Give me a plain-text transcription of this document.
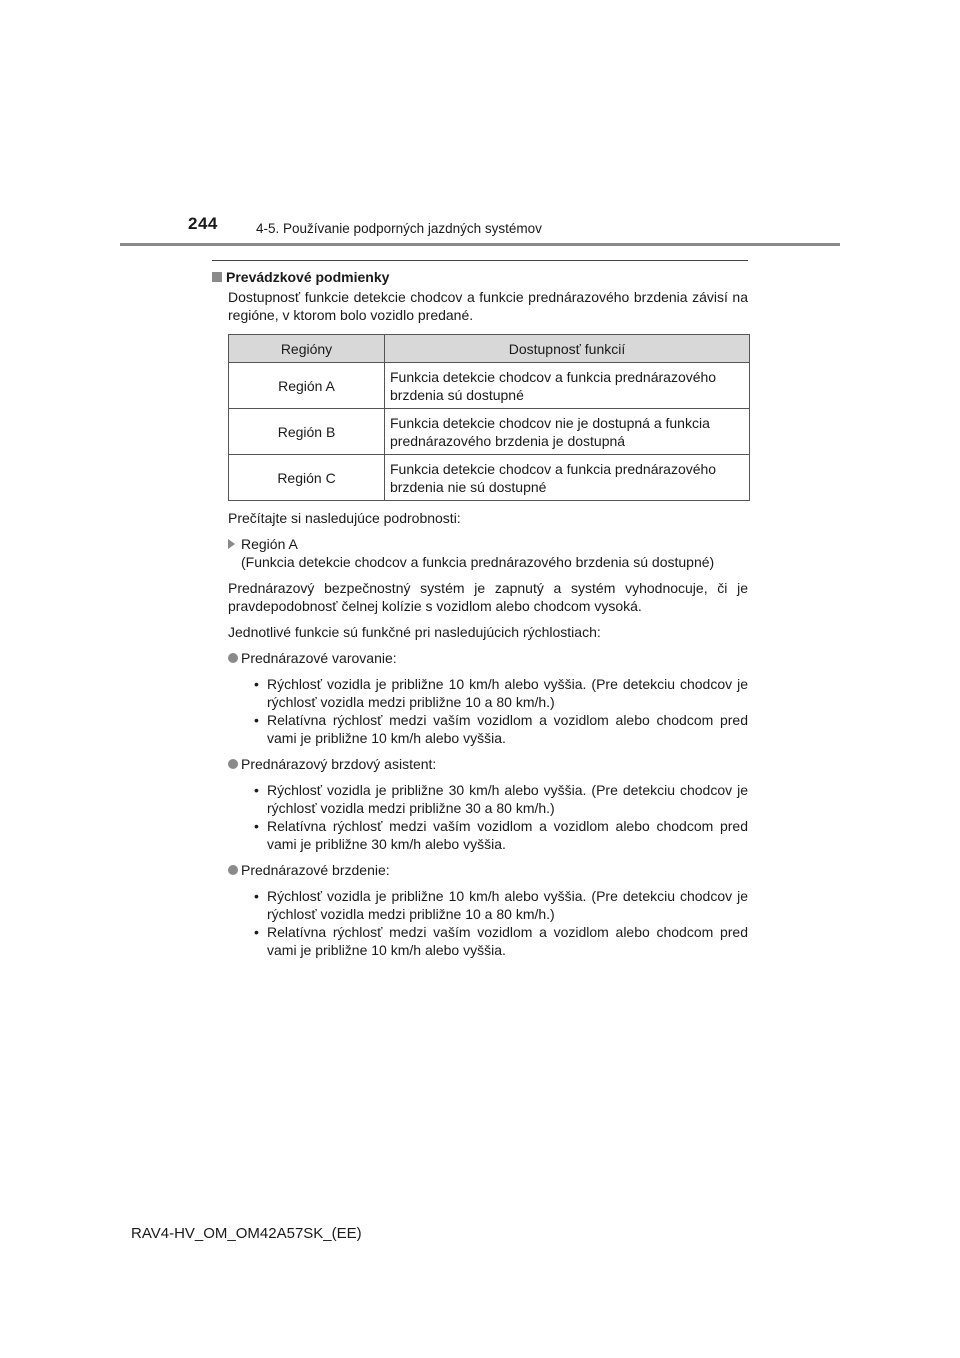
244	4-5. Používanie podporných jazdných systémov
Prevádzkové podmienky

Dostupnosť funkcie detekcie chodcov a funkcie prednárazového brzdenia závisí na regióne, v ktorom bolo vozidlo predané.

Regióny	Dostupnosť funkcií
Región A	Funkcia detekcie chodcov a funkcia prednárazového brzdenia sú dostupné
Región B	Funkcia detekcie chodcov nie je dostupná a funkcia prednárazového brzdenia je dostupná
Región C	Funkcia detekcie chodcov a funkcia prednárazového brzdenia nie sú dostupné

Prečítajte si nasledujúce podrobnosti:

Región A
(Funkcia detekcie chodcov a funkcia prednárazového brzdenia sú dostupné)

Prednárazový bezpečnostný systém je zapnutý a systém vyhodnocuje, či je pravdepodobnosť čelnej kolízie s vozidlom alebo chodcom vysoká.

Jednotlivé funkcie sú funkčné pri nasledujúcich rýchlostiach:

Prednárazové varovanie:
• Rýchlosť vozidla je približne 10 km/h alebo vyššia. (Pre detekciu chodcov je rýchlosť vozidla medzi približne 10 a 80 km/h.)
• Relatívna rýchlosť medzi vaším vozidlom a vozidlom alebo chodcom pred vami je približne 10 km/h alebo vyššia.
Prednárazový brzdový asistent:
• Rýchlosť vozidla je približne 30 km/h alebo vyššia. (Pre detekciu chodcov je rýchlosť vozidla medzi približne 30 a 80 km/h.)
• Relatívna rýchlosť medzi vaším vozidlom a vozidlom alebo chodcom pred vami je približne 30 km/h alebo vyššia.
Prednárazové brzdenie:
• Rýchlosť vozidla je približne 10 km/h alebo vyššia. (Pre detekciu chodcov je rýchlosť vozidla medzi približne 10 a 80 km/h.)
• Relatívna rýchlosť medzi vaším vozidlom a vozidlom alebo chodcom pred vami je približne 10 km/h alebo vyššia.
RAV4-HV_OM_OM42A57SK_(EE)
